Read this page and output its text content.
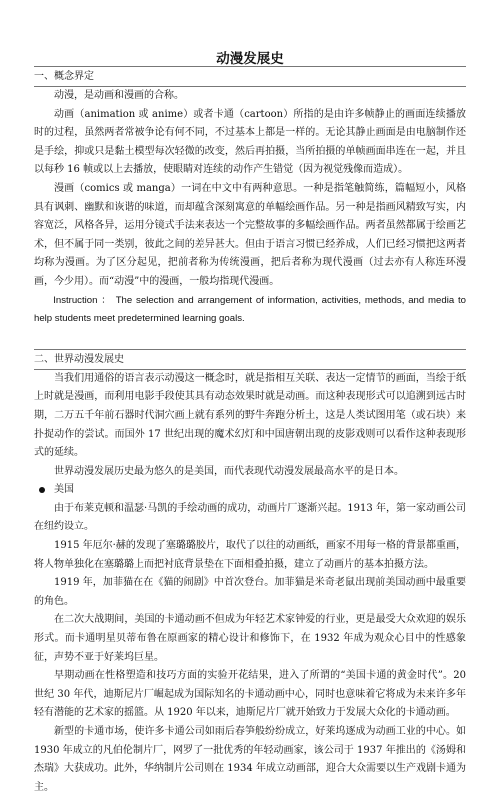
动漫发展史
一、概念界定

动漫，是动画和漫画的合称。

动画（animation 或 anime）或者卡通（cartoon）所指的是由许多帧静止的画面连续播放时的过程，虽然两者常被争论有何不同，不过基本上都是一样的。无论其静止画面是由电脑制作还是手绘，抑或只是黏土模型每次轻微的改变，然后再拍摄，当所拍摄的单帧画面串连在一起，并且以每秒 16 帧或以上去播放，使眼睛对连续的动作产生错觉（因为视觉残像而造成）。

漫画（comics 或 manga）一词在中文中有两种意思。一种是指笔触简练，篇幅短小，风格具有讽刺、幽默和诙谐的味道，而却蕴含深刻寓意的单幅绘画作品。另一种是指画风精致写实，内容宽泛，风格各异，运用分镜式手法来表达一个完整故事的多幅绘画作品。两者虽然都属于绘画艺术，但不属于同一类别，彼此之间的差异甚大。但由于语言习惯已经养成，人们已经习惯把这两者均称为漫画。为了区分起见，把前者称为传统漫画，把后者称为现代漫画（过去亦有人称连环漫画，今少用）。而“动漫”中的漫画，一般均指现代漫画。

Instruction ： The selection and arrangement of information, activities, methods, and media to help students meet predetermined learning goals.

二、世界动漫发展史

当我们用通俗的语言表示动漫这一概念时，就是指相互关联、表达一定情节的画面，当绘于纸上时就是漫画，而利用电影手段使其具有动态效果时就是动画。而这种表现形式可以追溯到远古时期，二万五千年前石器时代洞穴画上就有系列的野牛奔跑分析土，这是人类试图用笔（或石块）来扑捉动作的尝试。而国外 17 世纪出现的魔术幻灯和中国唐朝出现的皮影戏则可以看作这种表现形式的延续。

世界动漫发展历史最为悠久的是美国，而代表现代动漫发展最高水平的是日本。

美国

由于布莱克顿和温瑟·马凯的手绘动画的成功，动画片厂逐渐兴起。1913 年，第一家动画公司在纽约设立。

1915 年厄尔·赫的发现了塞璐璐胶片，取代了以往的动画纸，画家不用每一格的背景都重画，将人物单独化在塞璐璐上而把衬底背景垫在下面相叠拍摄，建立了动画片的基本拍摄方法。

1919 年，加菲猫在在《猫的闹剧》中首次登台。加菲猫是米奇老鼠出现前美国动画中最重要的角色。

在二次大战期间，美国的卡通动画不但成为年轻艺术家钟爱的行业，更是最受大众欢迎的娱乐形式。而卡通明星贝蒂布鲁在原画家的精心设计和修饰下，在 1932 年成为观众心目中的性感象征，声势不亚于好莱坞巨星。

早期动画在性格塑造和技巧方面的实验开花结果，进入了所谓的“美国卡通的黄金时代”。20 世纪 30 年代，迪斯尼片厂崛起成为国际知名的卡通动画中心，同时也意味着它将成为未来许多年轻有潜能的艺术家的摇篮。从 1920 年以来，迪斯尼片厂就开始致力于发展大众化的卡通动画。

新型的卡通市场，使许多卡通公司如雨后春笋般纷纷成立，好莱坞逐成为动画工业的中心。如 1930 年成立的凡伯伦制片厂，网罗了一批优秀的年轻动画家，该公司于 1937 年推出的《汤姆和杰瑞》大获成功。此外，华纳制片公司则在 1934 年成立动画部，迎合大众需要以生产戏剧卡通为主。
